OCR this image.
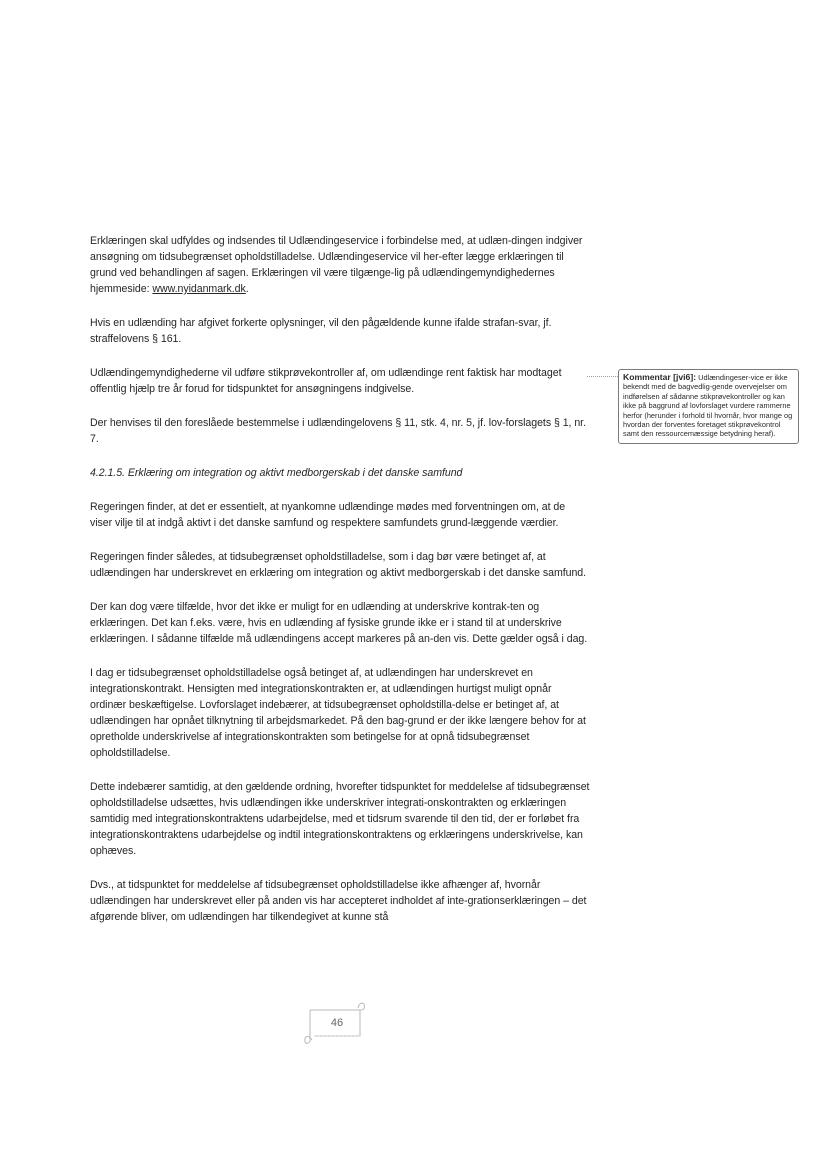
Erklæringen skal udfyldes og indsendes til Udlændingeservice i forbindelse med, at udlæn-dingen indgiver ansøgning om tidsubegrænset opholdstilladelse. Udlændingeservice vil her-efter lægge erklæringen til grund ved behandlingen af sagen. Erklæringen vil være tilgænge-lig på udlændingemyndighedernes hjemmeside: www.nyidanmark.dk.

Hvis en udlænding har afgivet forkerte oplysninger, vil den pågældende kunne ifalde strafan-svar, jf. straffelovens § 161.

Udlændingemyndighederne vil udføre stikprøvekontroller af, om udlændinge rent faktisk har modtaget offentlig hjælp tre år forud for tidspunktet for ansøgningens indgivelse.

Der henvises til den foreslåede bestemmelse i udlændingelovens § 11, stk. 4, nr. 5, jf. lov-forslagets § 1, nr. 7.

4.2.1.5. Erklæring om integration og aktivt medborgerskab i det danske samfund

Regeringen finder, at det er essentielt, at nyankomne udlændinge mødes med forventningen om, at de viser vilje til at indgå aktivt i det danske samfund og respektere samfundets grund-læggende værdier.

Regeringen finder således, at tidsubegrænset opholdstilladelse, som i dag bør være betinget af, at udlændingen har underskrevet en erklæring om integration og aktivt medborgerskab i det danske samfund.

Der kan dog være tilfælde, hvor det ikke er muligt for en udlænding at underskrive kontrak-ten og erklæringen. Det kan f.eks. være, hvis en udlænding af fysiske grunde ikke er i stand til at underskrive erklæringen. I sådanne tilfælde må udlændingens accept markeres på an-den vis. Dette gælder også i dag.

I dag er tidsubegrænset opholdstilladelse også betinget af, at udlændingen har underskrevet en integrationskontrakt. Hensigten med integrationskontrakten er, at udlændingen hurtigst muligt opnår ordinær beskæftigelse. Lovforslaget indebærer, at tidsubegrænset opholdstilla-delse er betinget af, at udlændingen har opnået tilknytning til arbejdsmarkedet. På den bag-grund er der ikke længere behov for at opretholde underskrivelse af integrationskontrakten som betingelse for at opnå tidsubegrænset opholdstilladelse.

Dette indebærer samtidig, at den gældende ordning, hvorefter tidspunktet for meddelelse af tidsubegrænset opholdstilladelse udsættes, hvis udlændingen ikke underskriver integrati-onskontrakten og erklæringen samtidig med integrationskontraktens udarbejdelse, med et tidsrum svarende til den tid, der er forløbet fra integrationskontraktens udarbejdelse og indtil integrationskontraktens og erklæringens underskrivelse, kan ophæves.

Dvs., at tidspunktet for meddelelse af tidsubegrænset opholdstilladelse ikke afhænger af, hvornår udlændingen har underskrevet eller på anden vis har accepteret indholdet af inte-grationserklæringen – det afgørende bliver, om udlændingen har tilkendegivet at kunne stå

Kommentar [jvi6]: Udlændingeser-vice er ikke bekendt med de bagvedlig-gende overvejelser om indførelsen af sådanne stikprøvekontroller og kan ikke på baggrund af lovforslaget vurdere rammerne herfor (herunder i forhold til hvornår, hvor mange og hvordan der forventes foretaget stikprøvekontrol samt den ressourcemæssige betydning heraf).
46
